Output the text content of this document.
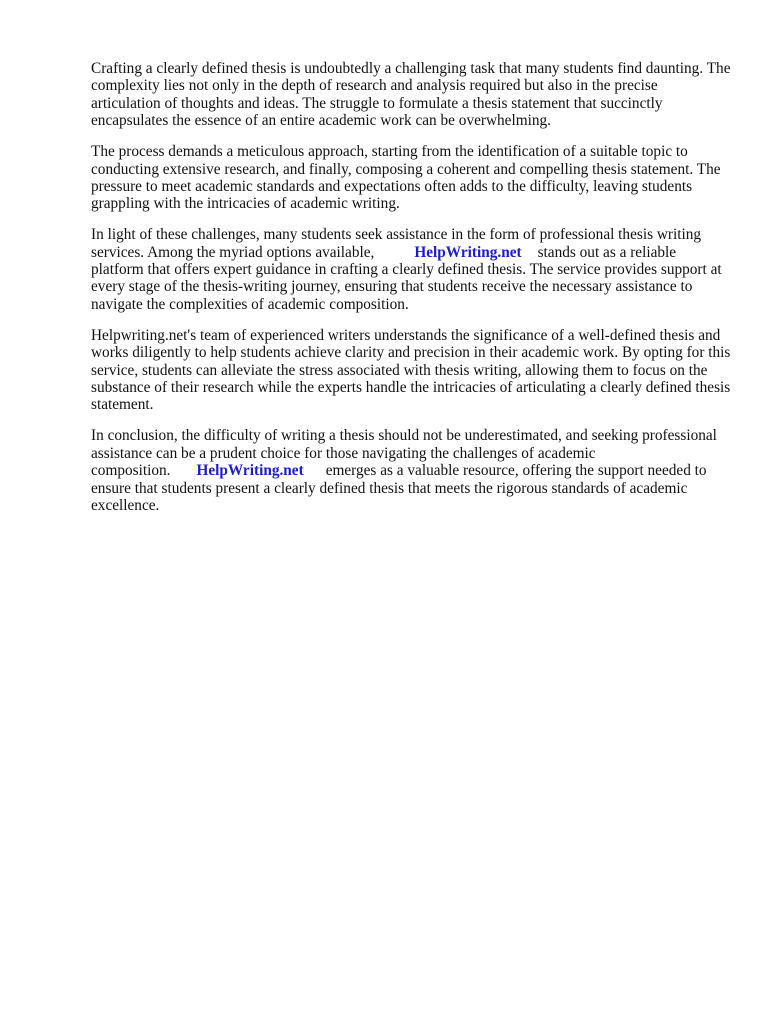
Crafting a clearly defined thesis is undoubtedly a challenging task that many students find daunting. The complexity lies not only in the depth of research and analysis required but also in the precise articulation of thoughts and ideas. The struggle to formulate a thesis statement that succinctly encapsulates the essence of an entire academic work can be overwhelming.

The process demands a meticulous approach, starting from the identification of a suitable topic to conducting extensive research, and finally, composing a coherent and compelling thesis statement. The pressure to meet academic standards and expectations often adds to the difficulty, leaving students grappling with the intricacies of academic writing.

In light of these challenges, many students seek assistance in the form of professional thesis writing services. Among the myriad options available,	HelpWriting.net stands out as a reliable platform that offers expert guidance in crafting a clearly defined thesis. The service provides support at every stage of the thesis-writing journey, ensuring that students receive the necessary assistance to navigate the complexities of academic composition.

Helpwriting.net's team of experienced writers understands the significance of a well-defined thesis and works diligently to help students achieve clarity and precision in their academic work. By opting for this service, students can alleviate the stress associated with thesis writing, allowing them to focus on the substance of their research while the experts handle the intricacies of articulating a clearly defined thesis statement.

In conclusion, the difficulty of writing a thesis should not be underestimated, and seeking professional assistance can be a prudent choice for those navigating the challenges of academic composition. HelpWriting.net emerges as a valuable resource, offering the support needed to ensure that students present a clearly defined thesis that meets the rigorous standards of academic excellence.
